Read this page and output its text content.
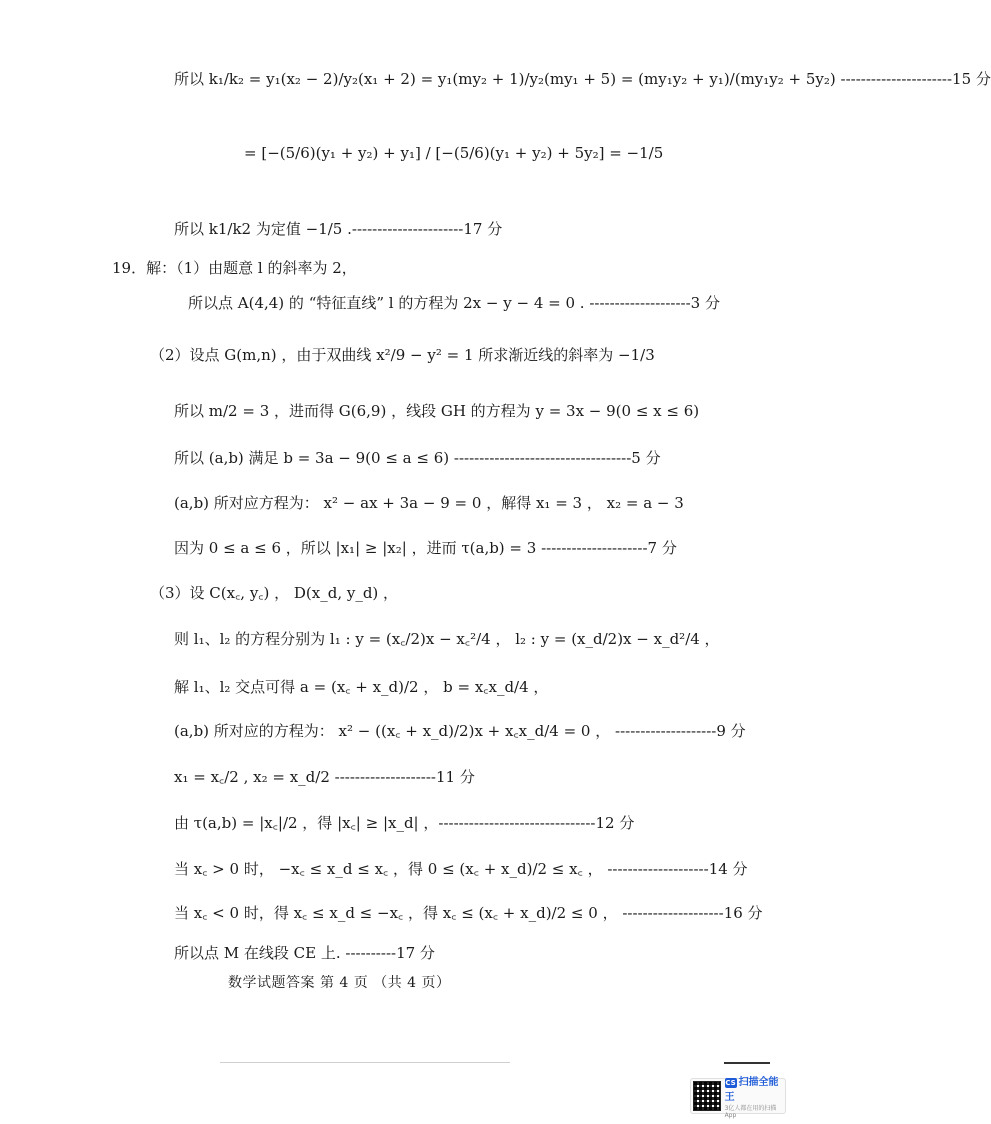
所以 k₁/k₂ = y₁(x₂ − 2)/y₂(x₁ + 2) = y₁(my₂ + 1)/y₂(my₁ + 5) = (my₁y₂ + y₁)/(my₁y₂ + 5y₂) ----------------------15 分
= [−(5/6)(y₁ + y₂) + y₁] / [−(5/6)(y₁ + y₂) + 5y₂] = −1/5
所以 k1/k2 为定值 −1/5 .----------------------17 分
19．解：（1）由题意 l 的斜率为 2，
所以点 A(4,4) 的 “特征直线” l 的方程为 2x − y − 4 = 0 . --------------------3 分
（2）设点 G(m,n) ，由于双曲线 x²/9 − y² = 1 所求渐近线的斜率为 −1/3
所以 m/2 = 3 ，进而得 G(6,9) ，线段 GH 的方程为 y = 3x − 9(0 ≤ x ≤ 6)
所以 (a,b) 满足 b = 3a − 9(0 ≤ a ≤ 6) -----------------------------------5 分
(a,b) 所对应方程为： x² − ax + 3a − 9 = 0 ，解得 x₁ = 3 ， x₂ = a − 3
因为 0 ≤ a ≤ 6 ，所以 |x₁| ≥ |x₂| ，进而 τ(a,b) = 3 ---------------------7 分
（3）设 C(x꜀, y꜀) ， D(x_d, y_d) ，
则 l₁、l₂ 的方程分别为 l₁ : y = (x꜀/2)x − x꜀²/4 ， l₂ : y = (x_d/2)x − x_d²/4 ，
解 l₁、l₂ 交点可得 a = (x꜀ + x_d)/2 ， b = x꜀x_d/4 ，
(a,b) 所对应的方程为： x² − ((x꜀ + x_d)/2)x + x꜀x_d/4 = 0 ， --------------------9 分
x₁ = x꜀/2 , x₂ = x_d/2 --------------------11 分
由 τ(a,b) = |x꜀|/2 ，得 |x꜀| ≥ |x_d| ，-------------------------------12 分
当 x꜀ > 0 时， −x꜀ ≤ x_d ≤ x꜀ ，得 0 ≤ (x꜀ + x_d)/2 ≤ x꜀ ， --------------------14 分
当 x꜀ < 0 时，得 x꜀ ≤ x_d ≤ −x꜀ ，得 x꜀ ≤ (x꜀ + x_d)/2 ≤ 0 ， --------------------16 分
所以点 M 在线段 CE 上. ----------17 分
数学试题答案 第 4 页 （共 4 页）
CS 扫描全能王
3亿人都在用的扫描App
